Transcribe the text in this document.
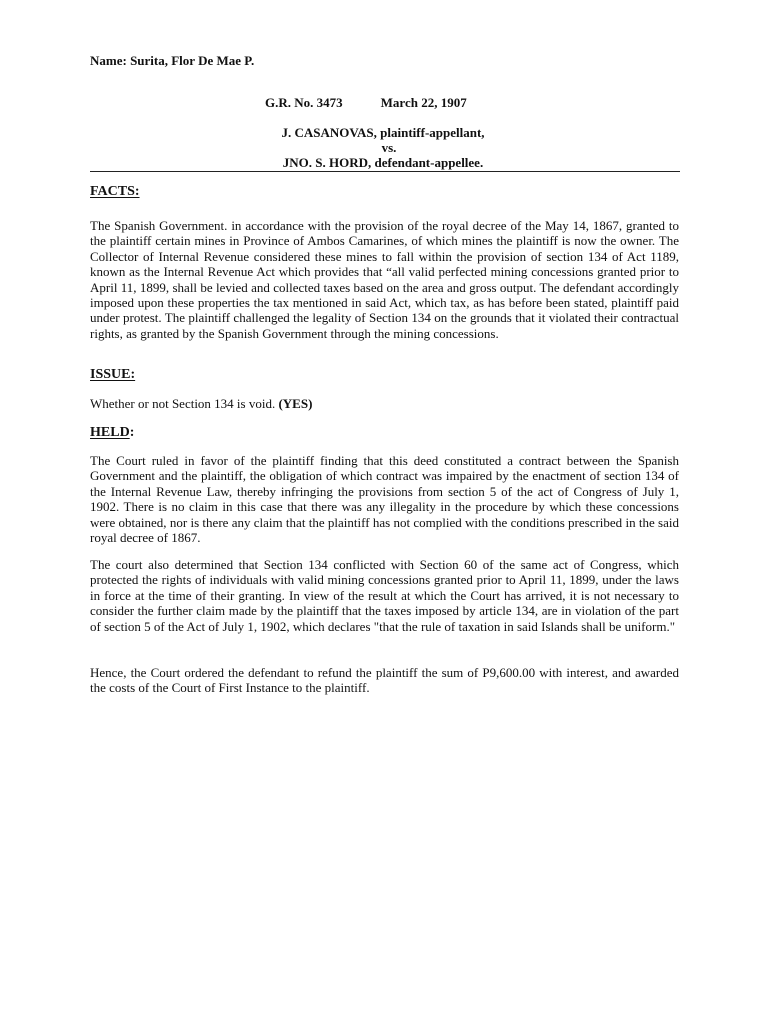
Name: Surita, Flor De Mae P.
G.R. No. 3473	March 22, 1907
J. CASANOVAS, plaintiff-appellant,
vs.
JNO. S. HORD, defendant-appellee.
FACTS:
The Spanish Government. in accordance with the provision of the royal decree of the May 14, 1867, granted to the plaintiff certain mines in Province of Ambos Camarines, of which mines the plaintiff is now the owner. The Collector of Internal Revenue considered these mines to fall within the provision of section 134 of Act 1189, known as the Internal Revenue Act which provides that “all valid perfected mining concessions granted prior to April 11, 1899, shall be levied and collected taxes based on the area and gross output. The defendant accordingly imposed upon these properties the tax mentioned in said Act, which tax, as has before been stated, plaintiff paid under protest. The plaintiff challenged the legality of Section 134 on the grounds that it violated their contractual rights, as granted by the Spanish Government through the mining concessions.
ISSUE:
Whether or not Section 134 is void. (YES)
HELD:
The Court ruled in favor of the plaintiff finding that this deed constituted a contract between the Spanish Government and the plaintiff, the obligation of which contract was impaired by the enactment of section 134 of the Internal Revenue Law, thereby infringing the provisions from section 5 of the act of Congress of July 1, 1902. There is no claim in this case that there was any illegality in the procedure by which these concessions were obtained, nor is there any claim that the plaintiff has not complied with the conditions prescribed in the said royal decree of 1867.
The court also determined that Section 134 conflicted with Section 60 of the same act of Congress, which protected the rights of individuals with valid mining concessions granted prior to April 11, 1899, under the laws in force at the time of their granting. In view of the result at which the Court has arrived, it is not necessary to consider the further claim made by the plaintiff that the taxes imposed by article 134, are in violation of the part of section 5 of the Act of July 1, 1902, which declares "that the rule of taxation in said Islands shall be uniform."
Hence, the Court ordered the defendant to refund the plaintiff the sum of P9,600.00 with interest, and awarded the costs of the Court of First Instance to the plaintiff.
